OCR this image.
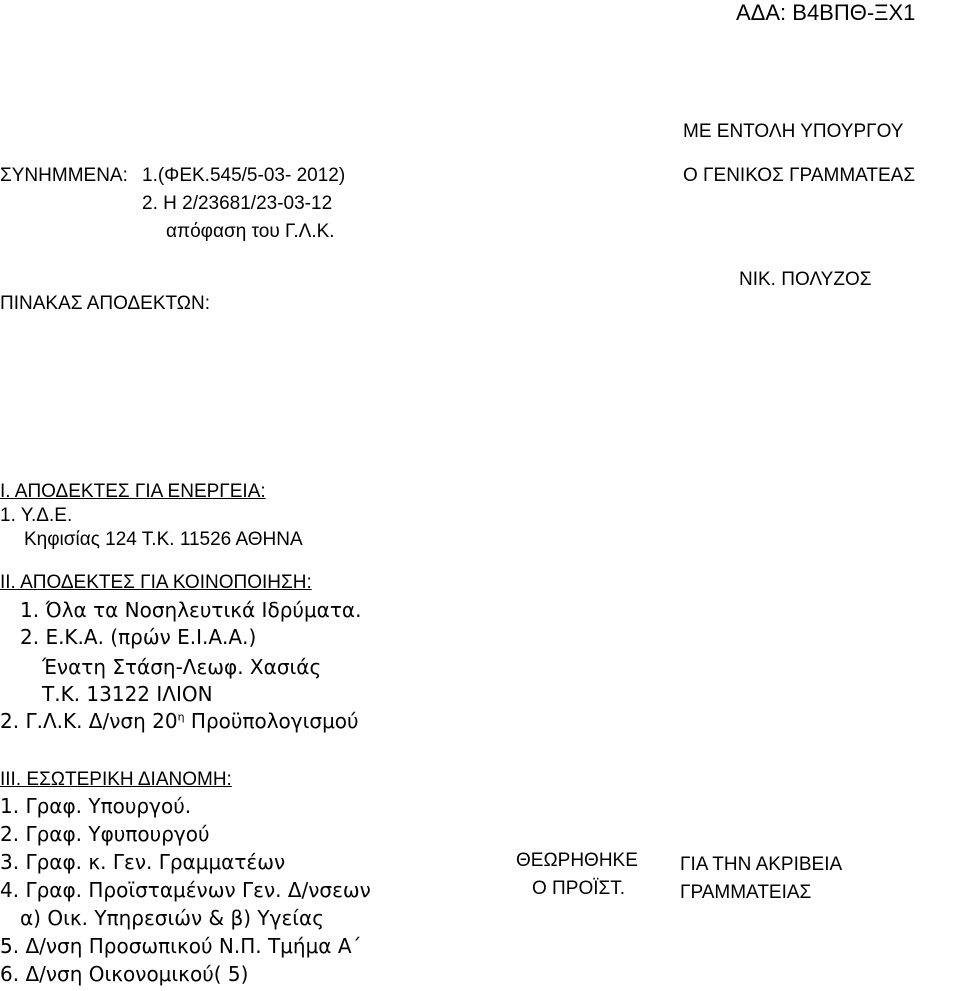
ΑΔΑ: Β4ΒΠΘ-ΞΧ1
ΜΕ ΕΝΤΟΛΗ ΥΠΟΥΡΓΟΥ
Ο ΓΕΝΙΚΟΣ ΓΡΑΜΜΑΤΕΑΣ
ΝΙΚ. ΠΟΛΥΖΟΣ
ΣΥΝΗΜΜΕΝΑ: 1.(ΦΕΚ.545/5-03- 2012)
2. Η 2/23681/23-03-12
απόφαση του Γ.Λ.Κ.
ΠΙΝΑΚΑΣ ΑΠΟΔΕΚΤΩΝ:
Ι. ΑΠΟΔΕΚΤΕΣ ΓΙΑ ΕΝΕΡΓΕΙΑ:
1. Υ.Δ.Ε.
Κηφισίας 124 Τ.Κ. 11526 ΑΘΗΝΑ
ΙΙ. ΑΠΟΔΕΚΤΕΣ ΓΙΑ ΚΟΙΝΟΠΟΙΗΣΗ:
1. Όλα τα Νοσηλευτικά Ιδρύματα.
2. Ε.Κ.Α. (πρών Ε.Ι.Α.Α.)
Ένατη Στάση-Λεωφ. Χασιάς
Τ.Κ. 13122 ΙΛΙΟΝ
2. Γ.Λ.Κ. Δ/νση $20^\eta$ Προϋπολογισμού
ΙΙΙ. ΕΣΩΤΕΡΙΚΗ ΔΙΑΝΟΜΗ:
1. Γραφ. Υπουργού.
2. Γραφ. Υφυπουργού
3. Γραφ. κ. Γεν. Γραμματέων
4. Γραφ. Προϊσταμένων Γεν. Δ/νσεων
α) Οικ. Υπηρεσιών & β) Υγείας
5. Δ/νση Προσωπικού Ν.Π. Τμήμα Α΄
6. Δ/νση Οικονομικού( 5)
ΘΕΩΡΗΘΗΚΕ
Ο ΠΡΟΪΣΤ.
ΓΙΑ ΤΗΝ ΑΚΡΙΒΕΙΑ
ΓΡΑΜΜΑΤΕΙΑΣ
